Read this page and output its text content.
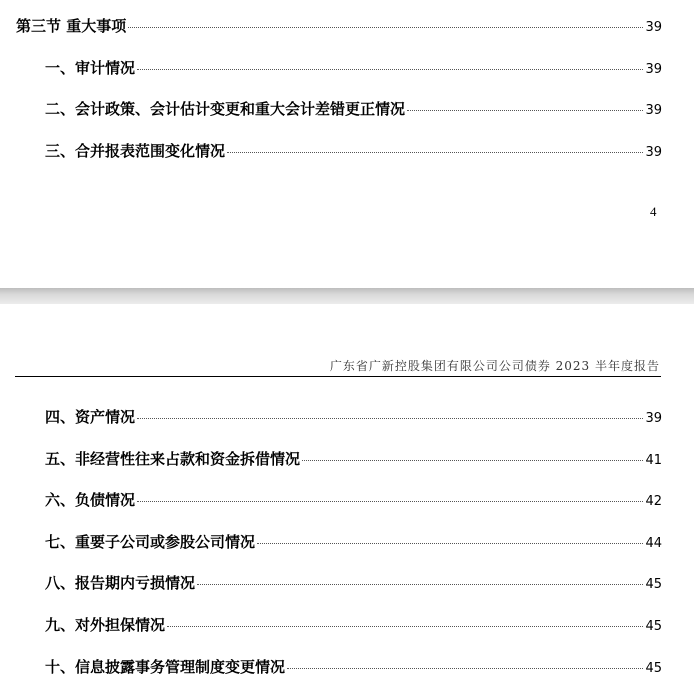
第三节 重大事项	39
一、审计情况	39
二、会计政策、会计估计变更和重大会计差错更正情况	39
三、合并报表范围变化情况	39
4
广东省广新控股集团有限公司公司债券 2023 半年度报告
四、资产情况	39
五、非经营性往来占款和资金拆借情况	41
六、负债情况	42
七、重要子公司或参股公司情况	44
八、报告期内亏损情况	45
九、对外担保情况	45
十、信息披露事务管理制度变更情况	45
